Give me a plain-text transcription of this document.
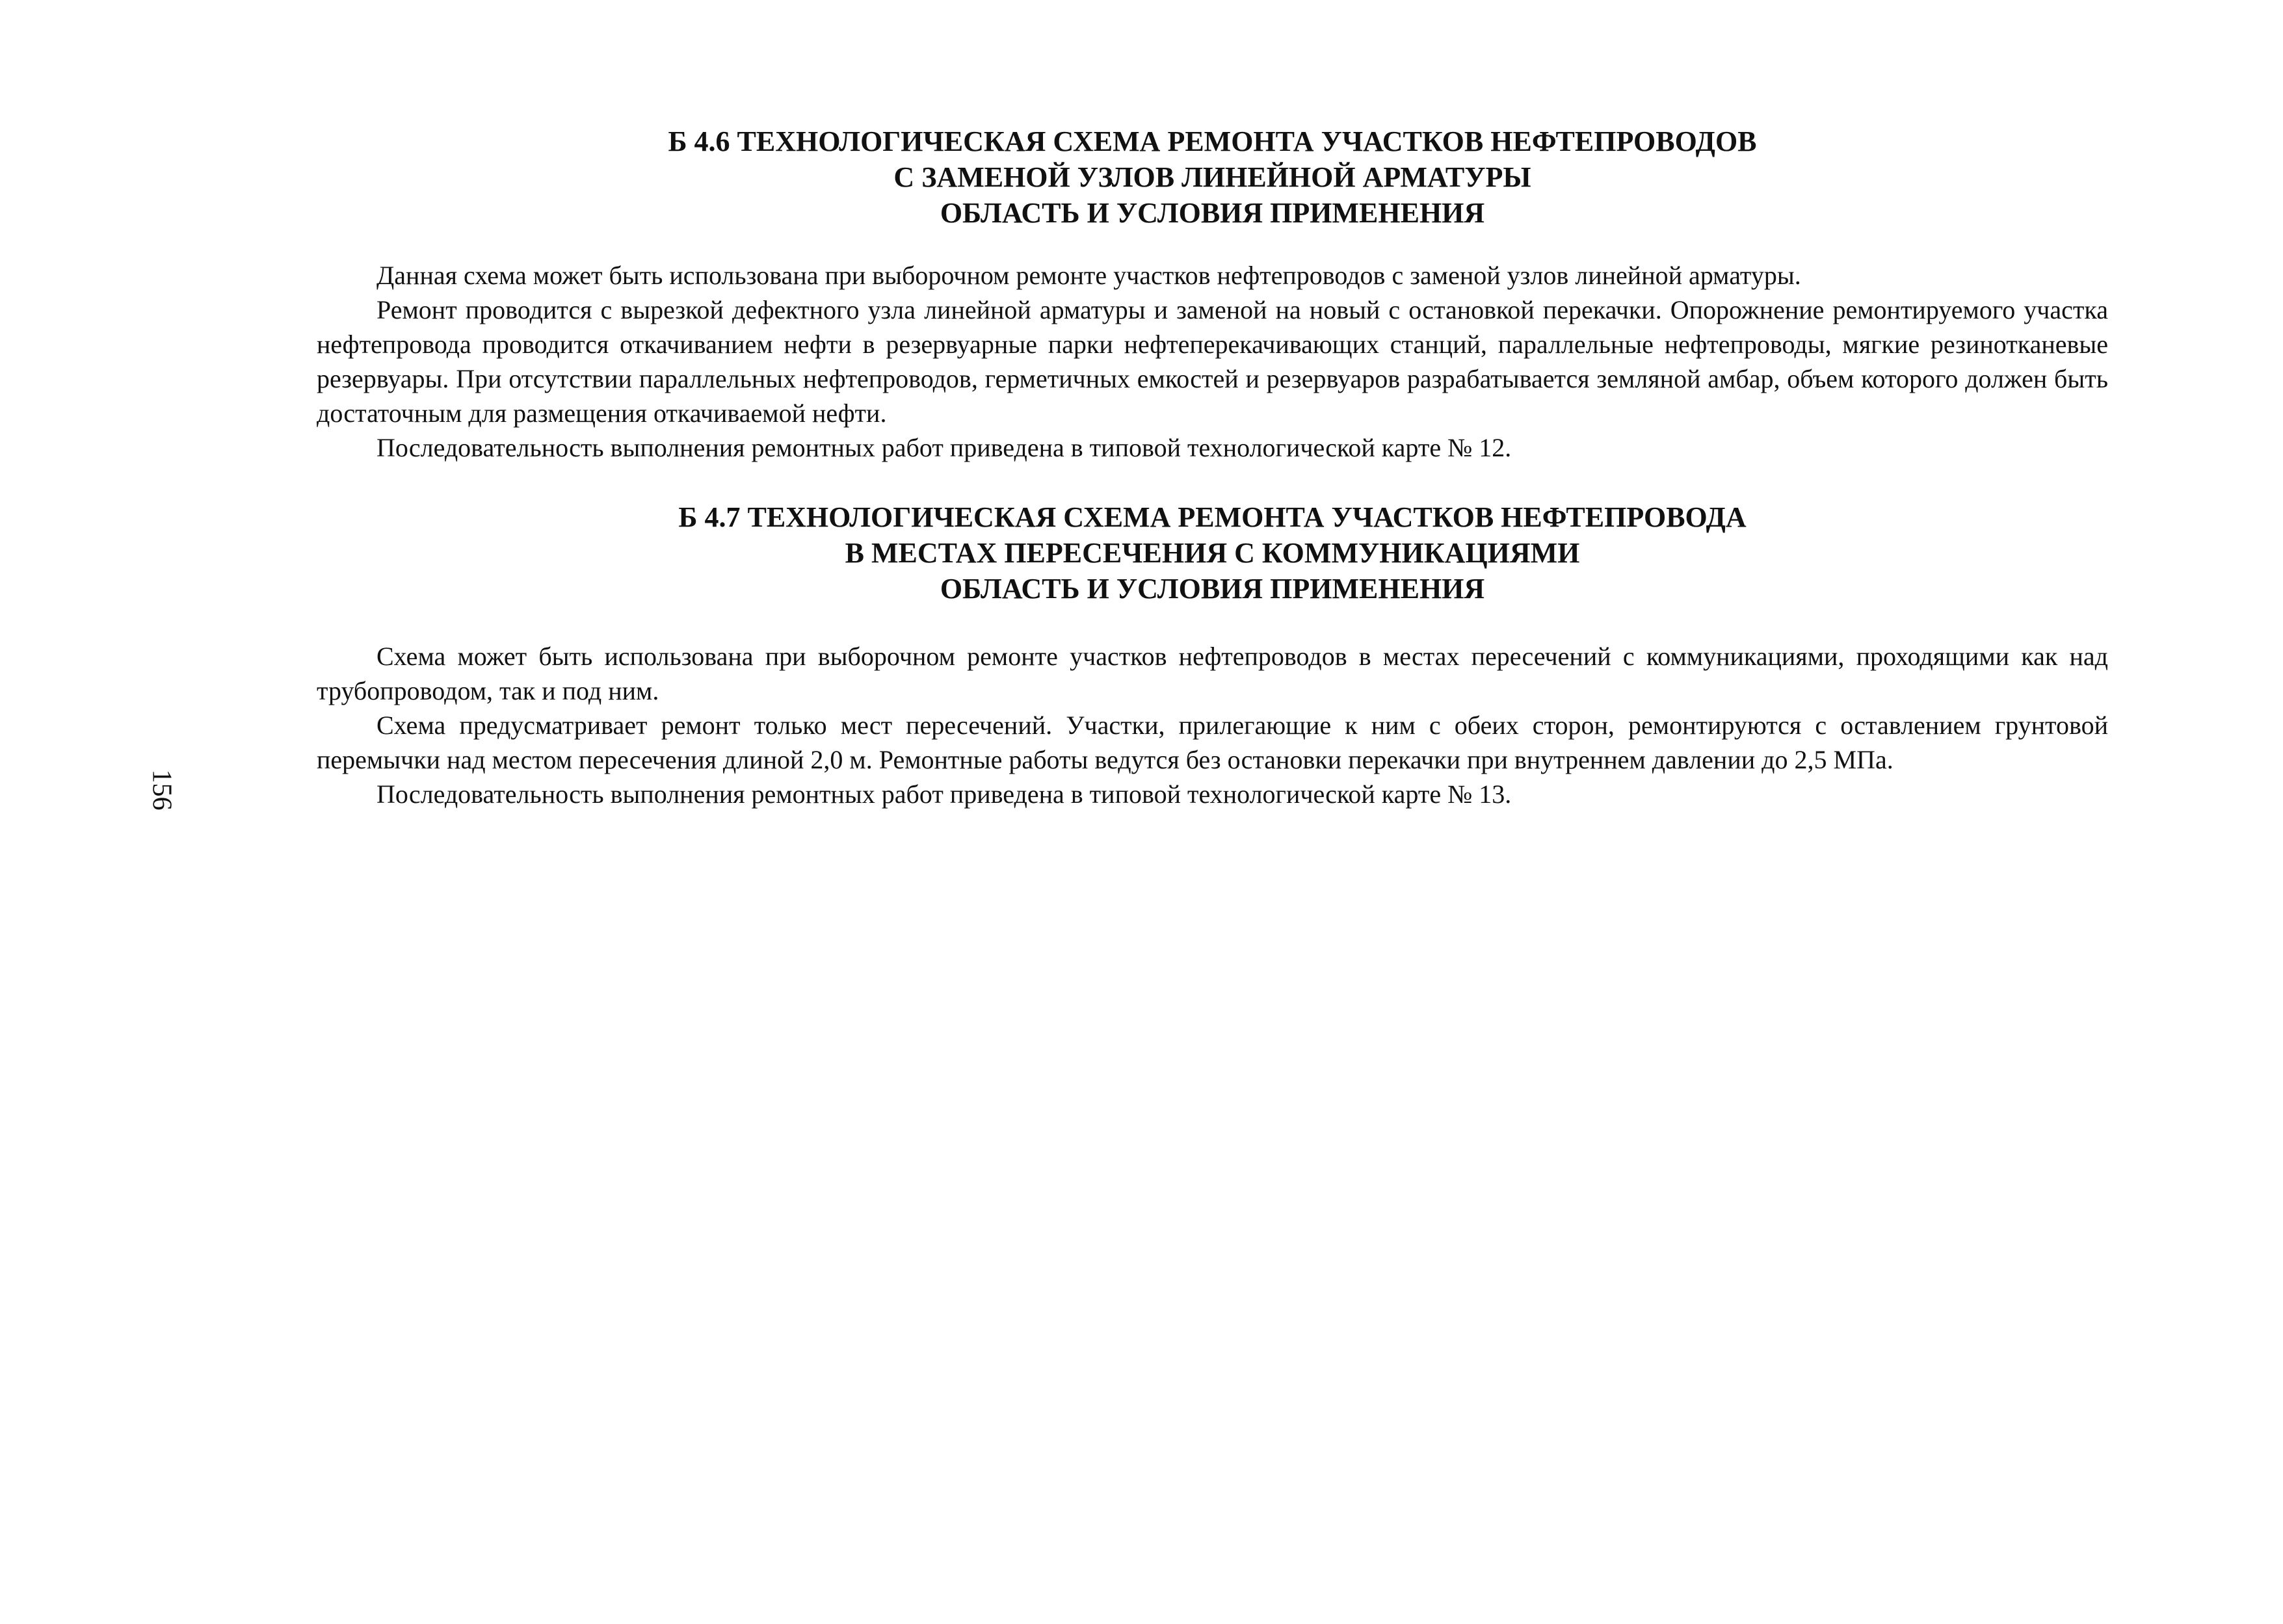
156
Б 4.6 ТЕХНОЛОГИЧЕСКАЯ СХЕМА РЕМОНТА УЧАСТКОВ НЕФТЕПРОВОДОВ
С ЗАМЕНОЙ УЗЛОВ ЛИНЕЙНОЙ АРМАТУРЫ
ОБЛАСТЬ И УСЛОВИЯ ПРИМЕНЕНИЯ

Данная схема может быть использована при выборочном ремонте участков нефтепроводов с заменой узлов линейной арматуры.

Ремонт проводится с вырезкой дефектного узла линейной арматуры и заменой на новый с остановкой перекачки. Опорожнение ремонтируемого участка нефтепровода проводится откачиванием нефти в резервуарные парки нефтеперекачивающих станций, параллельные нефтепроводы, мягкие резинотканевые резервуары. При отсутствии параллельных нефтепроводов, герметичных емкостей и резервуаров разрабатывается земляной амбар, объем которого должен быть достаточным для размещения откачиваемой нефти.

Последовательность выполнения ремонтных работ приведена в типовой технологической карте № 12.

Б 4.7 ТЕХНОЛОГИЧЕСКАЯ СХЕМА РЕМОНТА УЧАСТКОВ НЕФТЕПРОВОДА
В МЕСТАХ ПЕРЕСЕЧЕНИЯ С КОММУНИКАЦИЯМИ
ОБЛАСТЬ И УСЛОВИЯ ПРИМЕНЕНИЯ

Схема может быть использована при выборочном ремонте участков нефтепроводов в местах пересечений с коммуникациями, проходящими как над трубопроводом, так и под ним.

Схема предусматривает ремонт только мест пересечений. Участки, прилегающие к ним с обеих сторон, ремонтируются с оставлением грунтовой перемычки над местом пересечения длиной 2,0 м. Ремонтные работы ведутся без остановки перекачки при внутреннем давлении до 2,5 МПа.

Последовательность выполнения ремонтных работ приведена в типовой технологической карте № 13.
